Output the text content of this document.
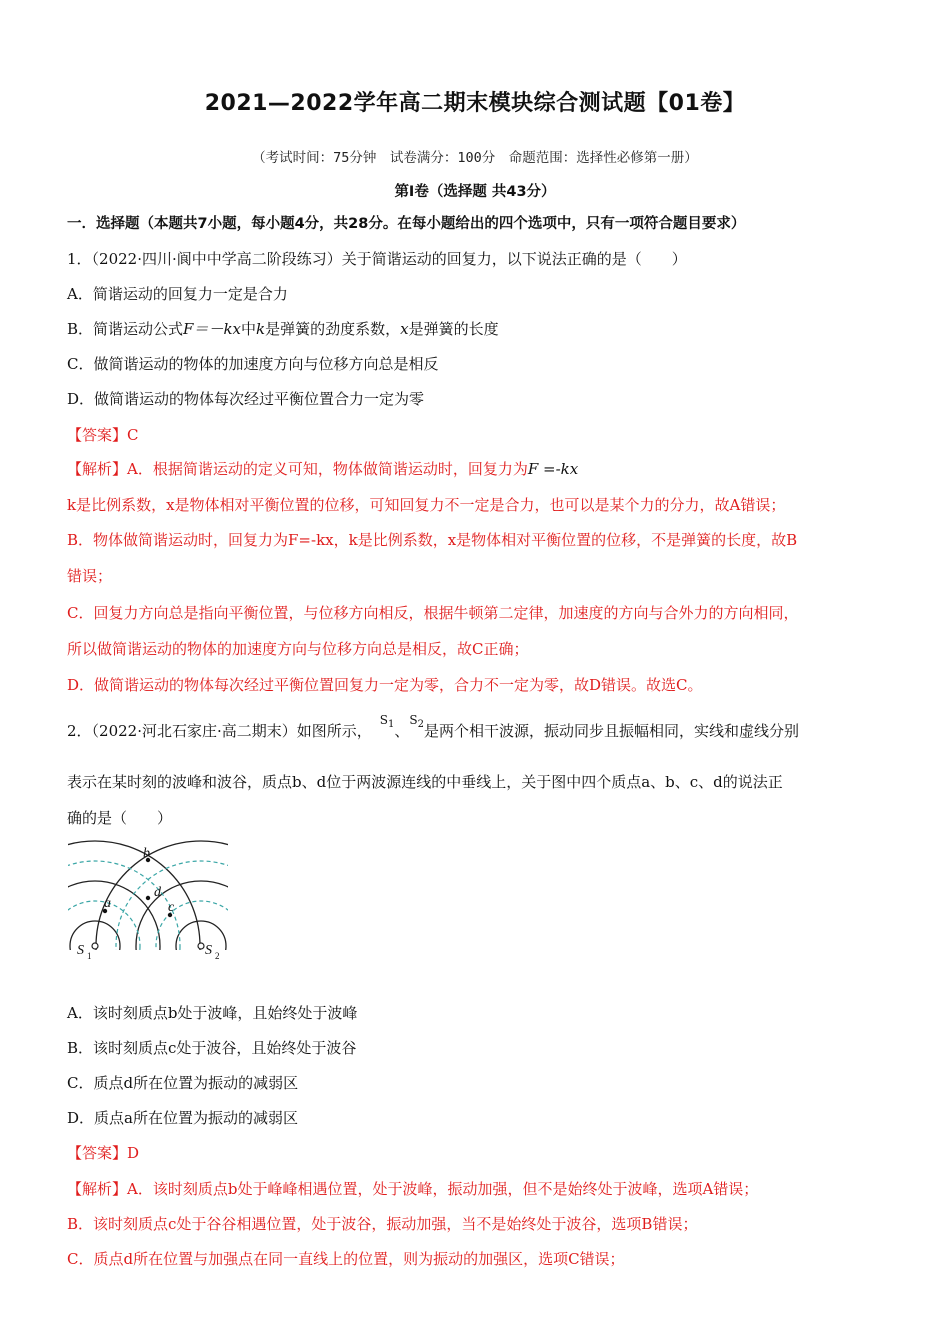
2021—2022学年高二期末模块综合测试题【01卷】
（考试时间：75分钟　试卷满分：100分　命题范围：选择性必修第一册）
第Ⅰ卷（选择题 共43分）
一．选择题（本题共7小题，每小题4分，共28分。在每小题给出的四个选项中，只有一项符合题目要求）
1．（2022·四川·阆中中学高二阶段练习）关于简谐运动的回复力，以下说法正确的是（　　）
A．简谐运动的回复力一定是合力
B．简谐运动公式F＝－kx中k是弹簧的劲度系数，x是弹簧的长度
C．做简谐运动的物体的加速度方向与位移方向总是相反
D．做简谐运动的物体每次经过平衡位置合力一定为零
【答案】C
【解析】A．根据简谐运动的定义可知，物体做简谐运动时，回复力为F =-kx
k是比例系数，x是物体相对平衡位置的位移，可知回复力不一定是合力，也可以是某个力的分力，故A错误；
B．物体做简谐运动时，回复力为F=-kx，k是比例系数，x是物体相对平衡位置的位移，不是弹簧的长度，故B
错误；
C．回复力方向总是指向平衡位置，与位移方向相反，根据牛顿第二定律，加速度的方向与合外力的方向相同，
所以做简谐运动的物体的加速度方向与位移方向总是相反，故C正确；
D．做简谐运动的物体每次经过平衡位置回复力一定为零，合力不一定为零，故D错误。故选C。
2．（2022·河北石家庄·高二期末）如图所示，$^{S_1}$、$^{S_2}$是两个相干波源，振动同步且振幅相同，实线和虚线分别
表示在某时刻的波峰和波谷，质点b、d位于两波源连线的中垂线上，关于图中四个质点a、b、c、d的说法正
确的是（　　）
b
d
c
a
S 1	S 2
A．该时刻质点b处于波峰，且始终处于波峰
B．该时刻质点c处于波谷，且始终处于波谷
C．质点d所在位置为振动的减弱区
D．质点a所在位置为振动的减弱区
【答案】D
【解析】A．该时刻质点b处于峰峰相遇位置，处于波峰，振动加强，但不是始终处于波峰，选项A错误；
B．该时刻质点c处于谷谷相遇位置，处于波谷，振动加强，当不是始终处于波谷，选项B错误；
C．质点d所在位置与加强点在同一直线上的位置，则为振动的加强区，选项C错误；
